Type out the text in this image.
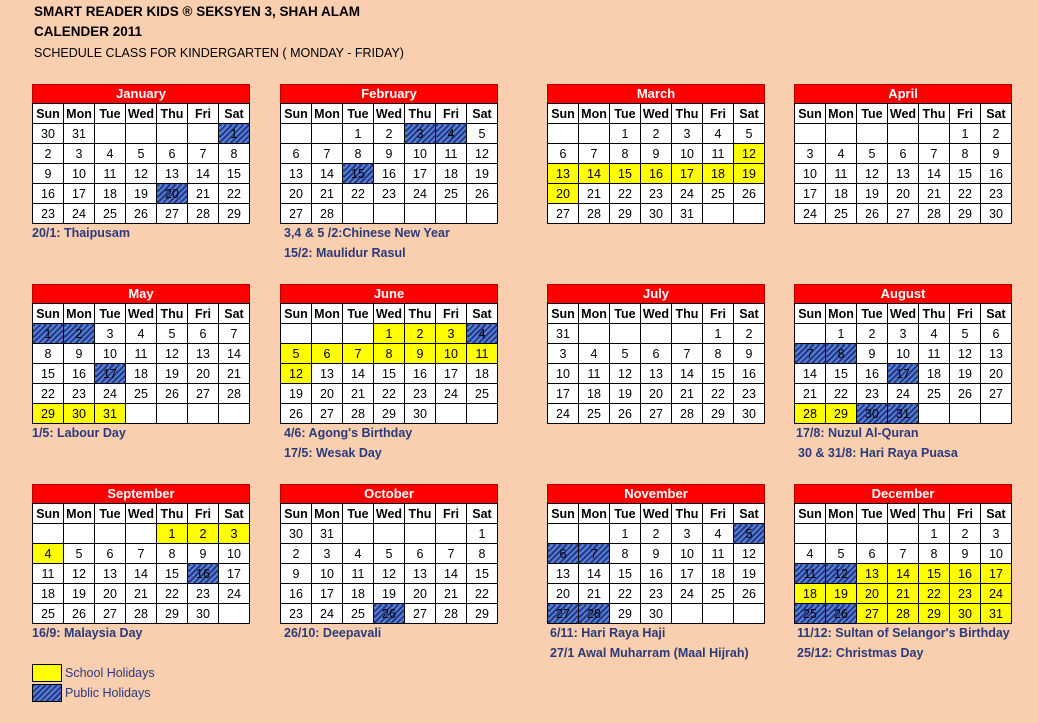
SMART READER KIDS ® SEKSYEN 3, SHAH ALAM
CALENDER 2011
SCHEDULE CLASS FOR KINDERGARTEN ( MONDAY - FRIDAY)
January
Sun	Mon	Tue	Wed	Thu	Fri	Sat
30	31					1
2	3	4	5	6	7	8
9	10	11	12	13	14	15
16	17	18	19	20	21	22
23	24	25	26	27	28	29
February
Sun	Mon	Tue	Wed	Thu	Fri	Sat
		1	2	3	4	5
6	7	8	9	10	11	12
13	14	15	16	17	18	19
20	21	22	23	24	25	26
27	28					
March
Sun	Mon	Tue	Wed	Thu	Fri	Sat
		1	2	3	4	5
6	7	8	9	10	11	12
13	14	15	16	17	18	19
20	21	22	23	24	25	26
27	28	29	30	31		
April
Sun	Mon	Tue	Wed	Thu	Fri	Sat
					1	2
3	4	5	6	7	8	9
10	11	12	13	14	15	16
17	18	19	20	21	22	23
24	25	26	27	28	29	30
May
Sun	Mon	Tue	Wed	Thu	Fri	Sat
1	2	3	4	5	6	7
8	9	10	11	12	13	14
15	16	17	18	19	20	21
22	23	24	25	26	27	28
29	30	31				
June
Sun	Mon	Tue	Wed	Thu	Fri	Sat
			1	2	3	4
5	6	7	8	9	10	11
12	13	14	15	16	17	18
19	20	21	22	23	24	25
26	27	28	29	30		
July
Sun	Mon	Tue	Wed	Thu	Fri	Sat
31					1	2
3	4	5	6	7	8	9
10	11	12	13	14	15	16
17	18	19	20	21	22	23
24	25	26	27	28	29	30
August
Sun	Mon	Tue	Wed	Thu	Fri	Sat
	1	2	3	4	5	6
7	8	9	10	11	12	13
14	15	16	17	18	19	20
21	22	23	24	25	26	27
28	29	30	31			
September
Sun	Mon	Tue	Wed	Thu	Fri	Sat
				1	2	3
4	5	6	7	8	9	10
11	12	13	14	15	16	17
18	19	20	21	22	23	24
25	26	27	28	29	30	
October
Sun	Mon	Tue	Wed	Thu	Fri	Sat
30	31					1
2	3	4	5	6	7	8
9	10	11	12	13	14	15
16	17	18	19	20	21	22
23	24	25	26	27	28	29
November
Sun	Mon	Tue	Wed	Thu	Fri	Sat
		1	2	3	4	5
6	7	8	9	10	11	12
13	14	15	16	17	18	19
20	21	22	23	24	25	26
27	28	29	30			
December
Sun	Mon	Tue	Wed	Thu	Fri	Sat
				1	2	3
4	5	6	7	8	9	10
11	12	13	14	15	16	17
18	19	20	21	22	23	24
25	26	27	28	29	30	31
20/1: Thaipusam	3,4 & 5 /2:Chinese New Year
15/2: Maulidur Rasul
1/5: Labour Day	4/6: Agong's Birthday
17/5: Wesak Day
17/8: Nuzul Al-Quran
30 & 31/8: Hari Raya Puasa
16/9: Malaysia Day	26/10: Deepavali	6/11: Hari Raya Haji
27/1 Awal Muharram (Maal Hijrah)
11/12: Sultan of Selangor's Birthday
25/12: Christmas Day
School Holidays
Public Holidays
